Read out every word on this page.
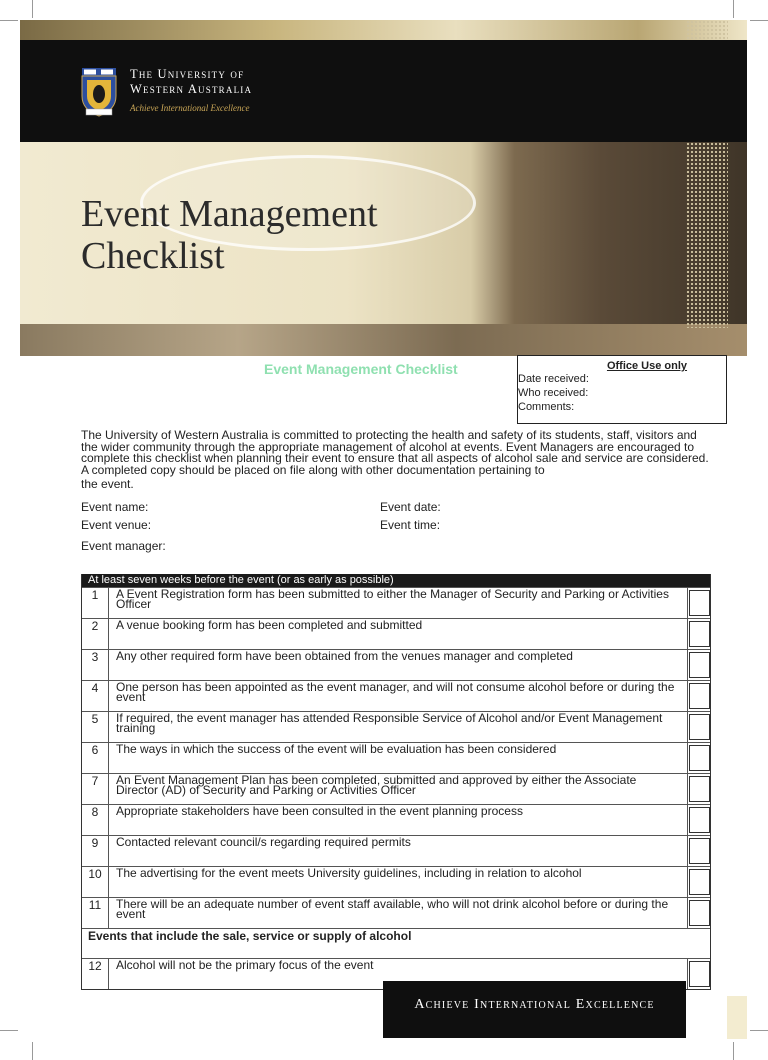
The University of
Western Australia
Achieve International Excellence
Event Management
Checklist
Event Management Checklist	Office Use only
Date received:
Who received:
Comments:
The University of Western Australia is committed to protecting the health and safety of its students, staff, visitors and the wider community through the appropriate management of alcohol at events. Event Managers are encouraged to complete this checklist when planning their event to ensure that all aspects of alcohol sale and service are considered. A completed copy should be placed on file along with other documentation pertaining to
the event.
Event name:	Event date:
Event venue:	Event time:
Event manager:
At least seven weeks before the event (or as early as possible)
1	A Event Registration form has been submitted to either the Manager of Security and Parking or Activities Officer
2	A venue booking form has been completed and submitted
3	Any other required form have been obtained from the venues manager and completed
4	One person has been appointed as the event manager, and will not consume alcohol before or during the event
5	If required, the event manager has attended Responsible Service of Alcohol and/or Event Management training
6	The ways in which the success of the event will be evaluation has been considered
7	An Event Management Plan has been completed, submitted and approved by either the Associate Director (AD) of Security and Parking or Activities Officer
8	Appropriate stakeholders have been consulted in the event planning process
9	Contacted relevant council/s regarding required permits
10	The advertising for the event meets University guidelines, including in relation to alcohol
11	There will be an adequate number of event staff available, who will not drink alcohol before or during the event
Events that include the sale, service or supply of alcohol
12	Alcohol will not be the primary focus of the event
Achieve International Excellence
